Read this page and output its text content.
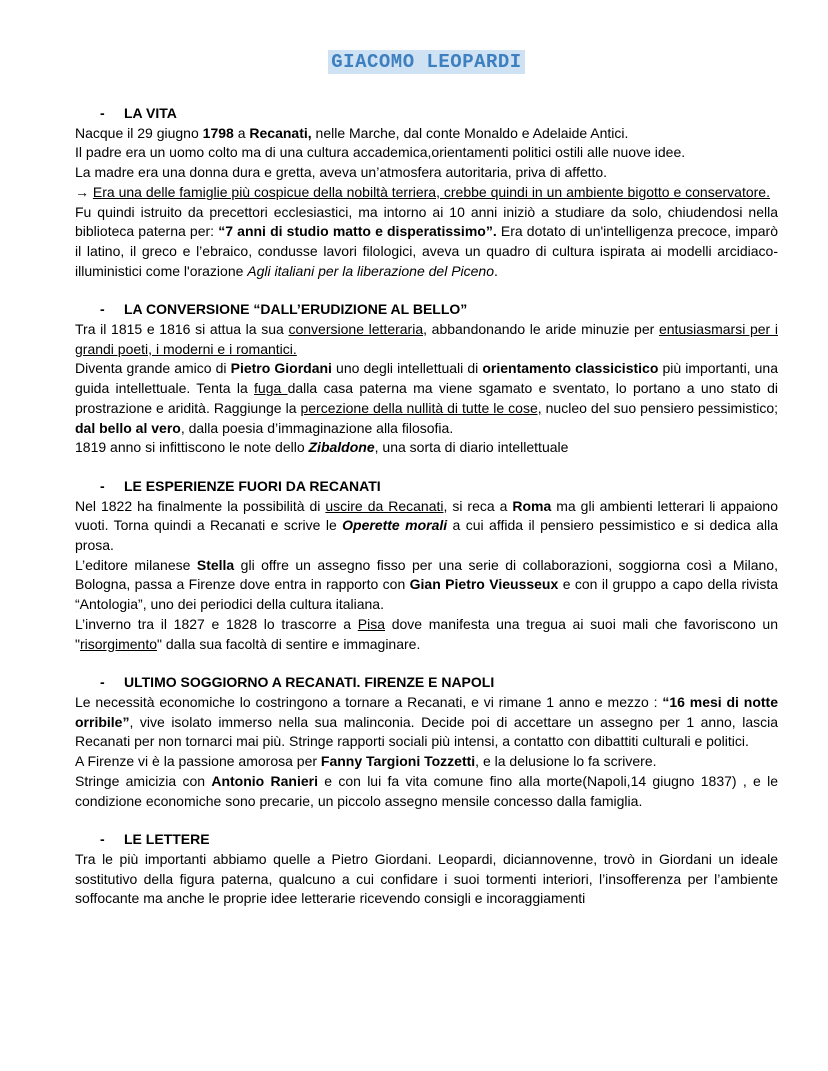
GIACOMO LEOPARDI
- LA VITA

Nacque il 29 giugno 1798 a Recanati, nelle Marche, dal conte Monaldo e Adelaide Antici.

Il padre era un uomo colto ma di una cultura accademica,orientamenti politici ostili alle nuove idee.

La madre era una donna dura e gretta, aveva un’atmosfera autoritaria, priva di affetto.

→ Era una delle famiglie più cospicue della nobiltà terriera, crebbe quindi in un ambiente bigotto e conservatore.

Fu quindi istruito da precettori ecclesiastici, ma intorno ai 10 anni iniziò a studiare da solo, chiudendosi nella biblioteca paterna per: “7 anni di studio matto e disperatissimo”. Era dotato di un'intelligenza precoce, imparò il latino, il greco e l’ebraico, condusse lavori filologici, aveva un quadro di cultura ispirata ai modelli arcidiaco-illuministici come l'orazione Agli italiani per la liberazione del Piceno.

- LA CONVERSIONE “DALL’ERUDIZIONE AL BELLO”

Tra il 1815 e 1816 si attua la sua conversione letteraria, abbandonando le aride minuzie per entusiasmarsi per i grandi poeti, i moderni e i romantici.

Diventa grande amico di Pietro Giordani uno degli intellettuali di orientamento classicistico più importanti, una guida intellettuale. Tenta la fuga dalla casa paterna ma viene sgamato e sventato, lo portano a uno stato di prostrazione e aridità. Raggiunge la percezione della nullità di tutte le cose, nucleo del suo pensiero pessimistico; dal bello al vero, dalla poesia d’immaginazione alla filosofia.

1819 anno si infittiscono le note dello Zibaldone, una sorta di diario intellettuale

- LE ESPERIENZE FUORI DA RECANATI

Nel 1822 ha finalmente la possibilità di uscire da Recanati, si reca a Roma ma gli ambienti letterari li appaiono vuoti. Torna quindi a Recanati e scrive le Operette morali a cui affida il pensiero pessimistico e si dedica alla prosa.

L’editore milanese Stella gli offre un assegno fisso per una serie di collaborazioni, soggiorna così a Milano, Bologna, passa a Firenze dove entra in rapporto con Gian Pietro Vieusseux e con il gruppo a capo della rivista “Antologia”, uno dei periodici della cultura italiana.

L’inverno tra il 1827 e 1828 lo trascorre a Pisa dove manifesta una tregua ai suoi mali che favoriscono un "risorgimento" dalla sua facoltà di sentire e immaginare.

- ULTIMO SOGGIORNO A RECANATI. FIRENZE E NAPOLI

Le necessità economiche lo costringono a tornare a Recanati, e vi rimane 1 anno e mezzo : “16 mesi di notte orribile”, vive isolato immerso nella sua malinconia. Decide poi di accettare un assegno per 1 anno, lascia Recanati per non tornarci mai più. Stringe rapporti sociali più intensi, a contatto con dibattiti culturali e politici.

A Firenze vi è la passione amorosa per Fanny Targioni Tozzetti, e la delusione lo fa scrivere.

Stringe amicizia con Antonio Ranieri e con lui fa vita comune fino alla morte(Napoli,14 giugno 1837) , e le condizione economiche sono precarie, un piccolo assegno mensile concesso dalla famiglia.

- LE LETTERE

Tra le più importanti abbiamo quelle a Pietro Giordani. Leopardi, diciannovenne, trovò in Giordani un ideale sostitutivo della figura paterna, qualcuno a cui confidare i suoi tormenti interiori, l’insofferenza per l’ambiente soffocante ma anche le proprie idee letterarie ricevendo consigli e incoraggiamenti
